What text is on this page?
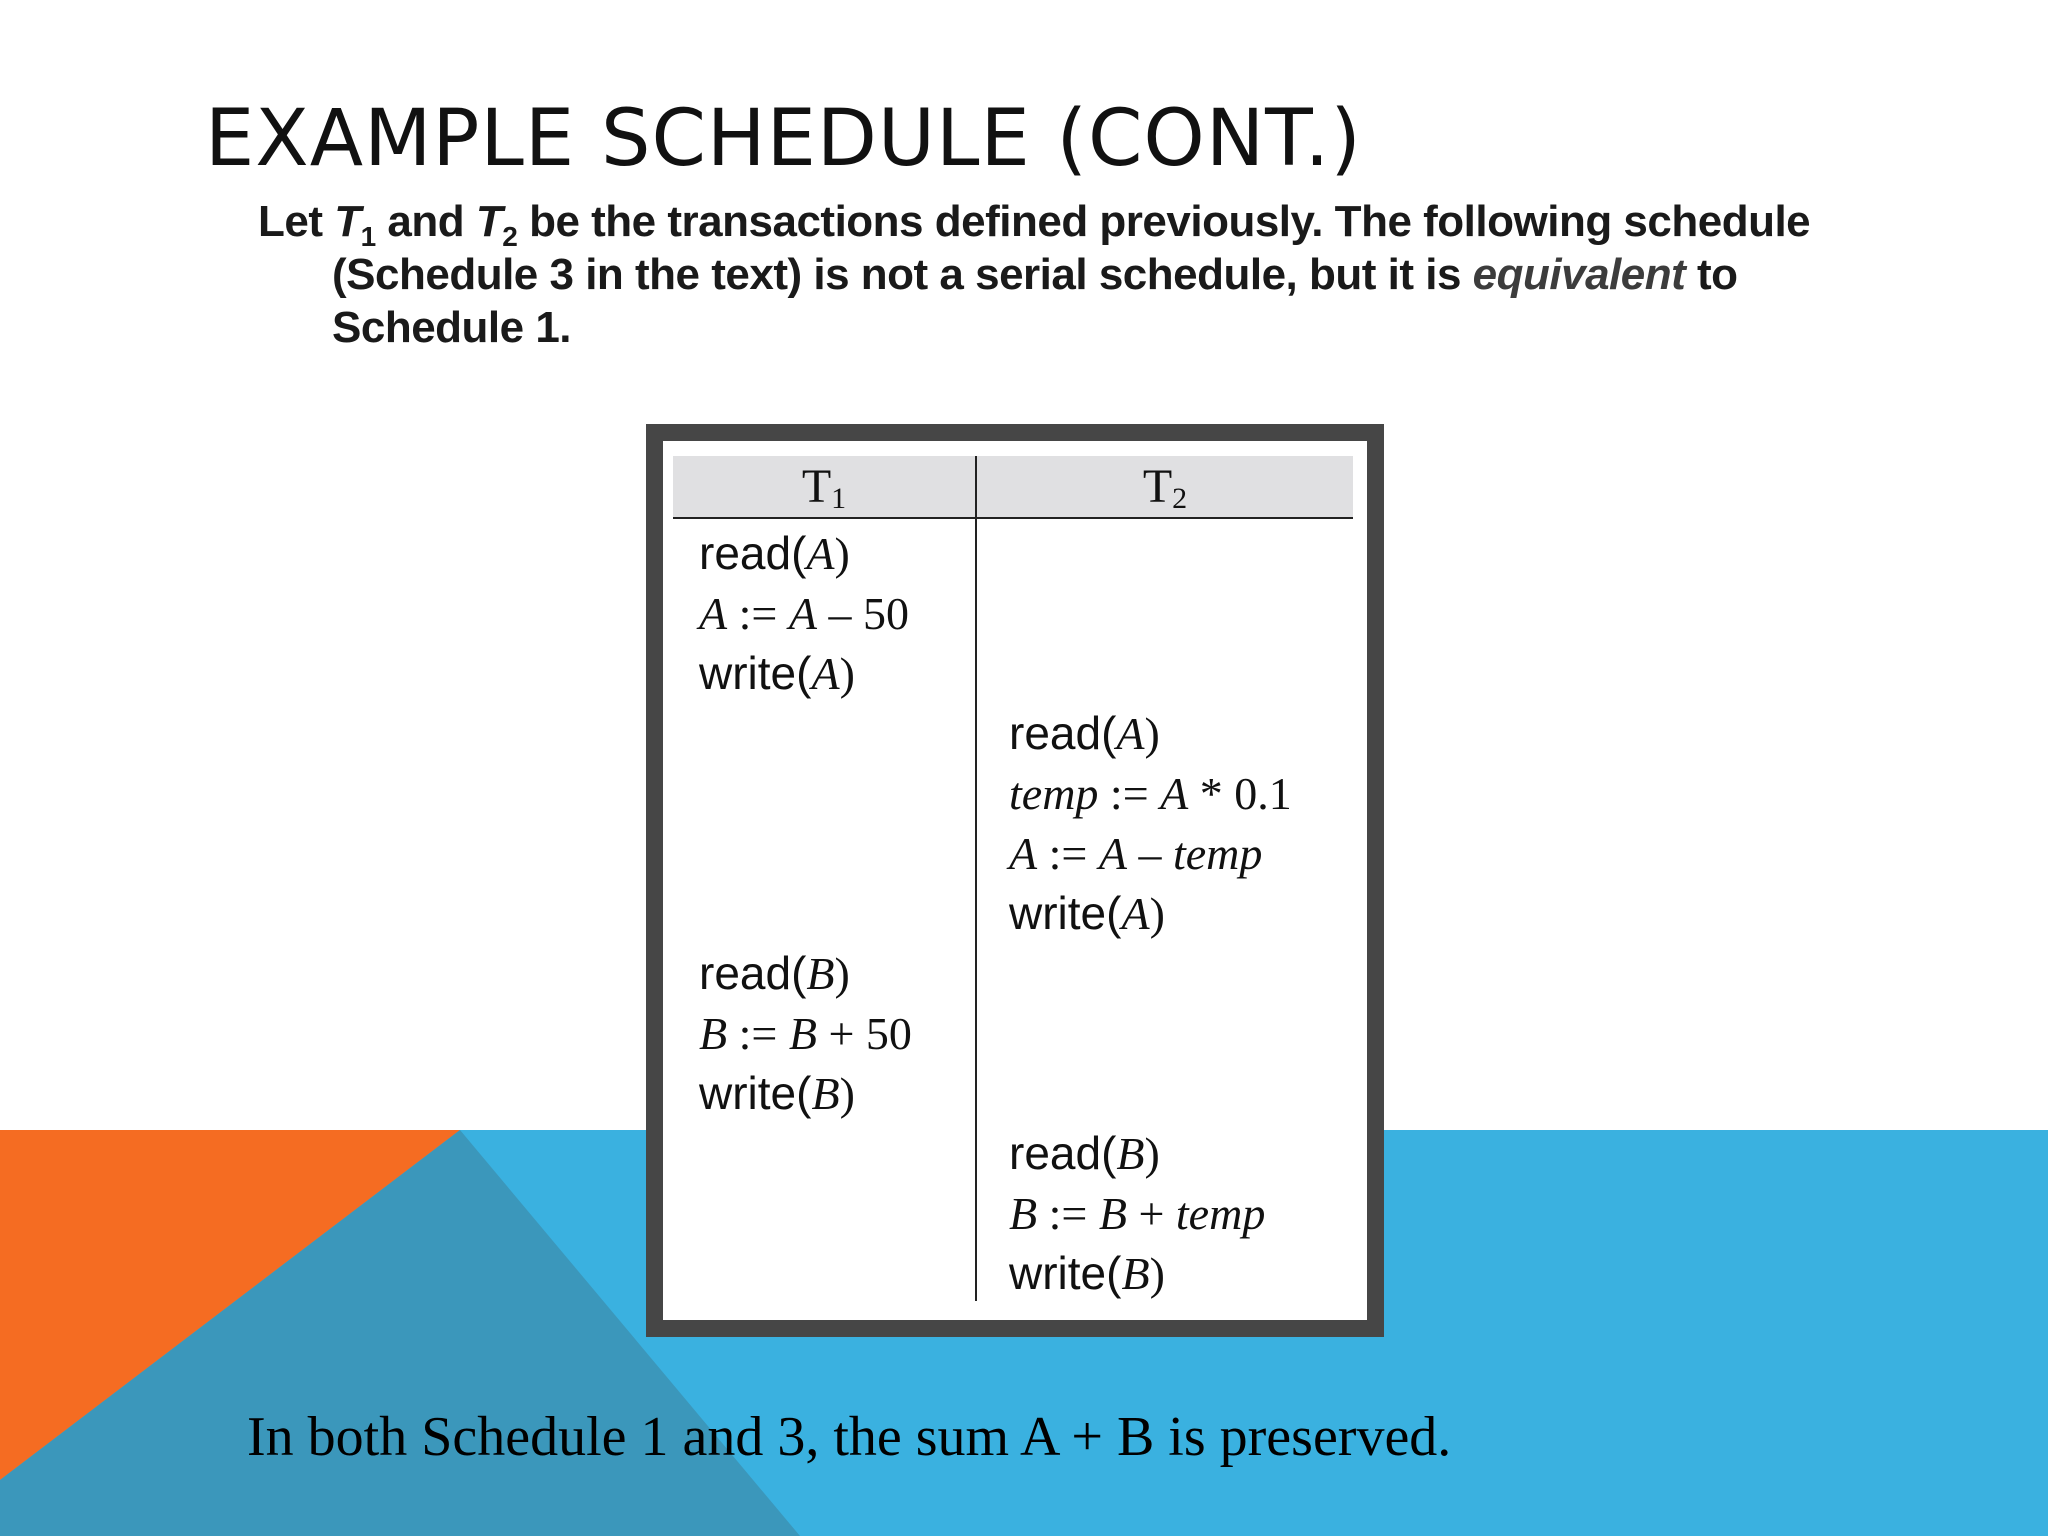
EXAMPLE SCHEDULE (CONT.)
Let $T_1$ and $T_2$ be the transactions defined previously. The following schedule (Schedule 3 in the text) is not a serial schedule, but it is equivalent to Schedule 1.
$T_1$	$T_2$
read(A)
A := A – 50
write(A)
read(B)
B := B + 50
write(B)
read(A)
temp := A * 0.1
A := A – temp
write(A)
read(B)
B := B + temp
write(B)
In both Schedule 1 and 3, the sum A + B is preserved.
